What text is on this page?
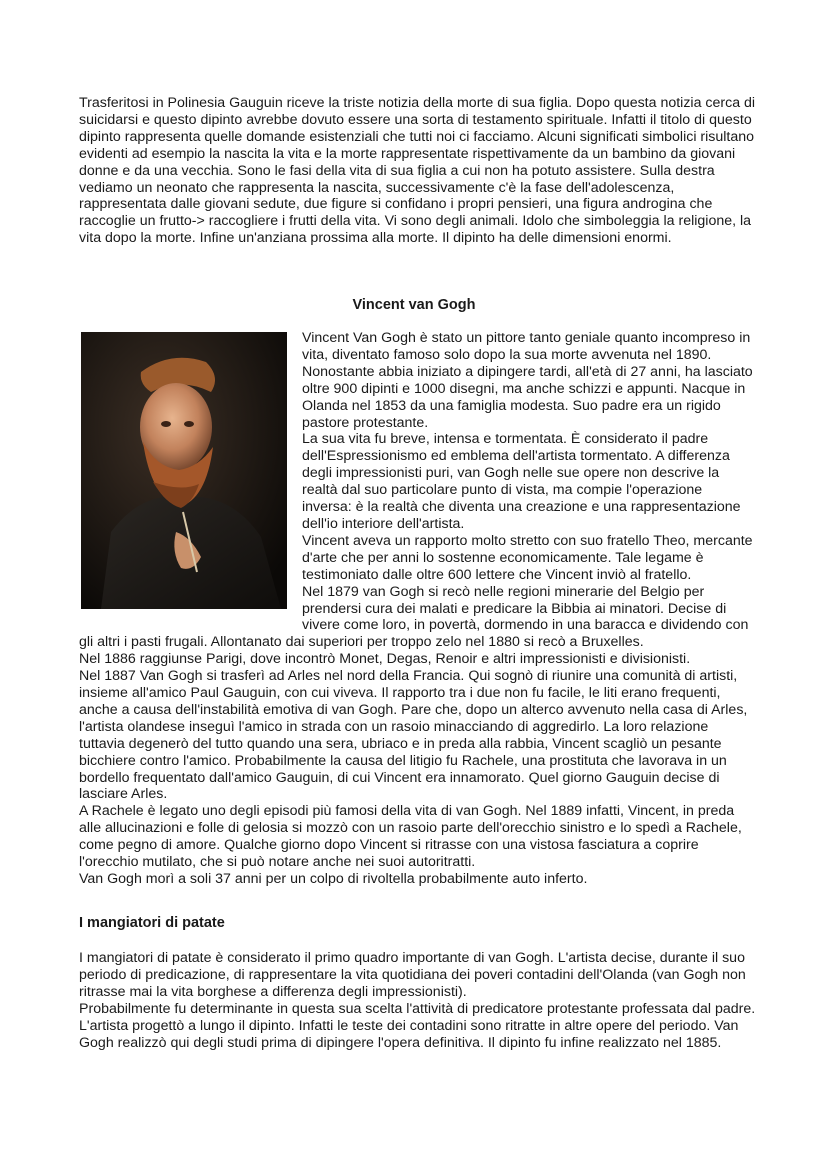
Trasferitosi in Polinesia Gauguin riceve la triste notizia della morte di sua figlia. Dopo questa notizia cerca di suicidarsi e questo dipinto avrebbe dovuto essere una sorta di testamento spirituale. Infatti il titolo di questo dipinto rappresenta quelle domande esistenziali che tutti noi ci facciamo. Alcuni significati simbolici risultano evidenti ad esempio la nascita la vita e la morte rappresentate rispettivamente da un bambino da giovani donne e da una vecchia. Sono le fasi della vita di sua figlia a cui non ha potuto assistere. Sulla destra vediamo un neonato che rappresenta la nascita, successivamente c'è la fase dell'adolescenza, rappresentata dalle giovani sedute, due figure si confidano i propri pensieri, una figura androgina che raccoglie un frutto-> raccogliere i frutti della vita. Vi sono degli animali. Idolo che simboleggia la religione, la vita dopo la morte. Infine un'anziana prossima alla morte. Il dipinto ha delle dimensioni enormi.
Vincent van Gogh

Vincent Van Gogh è stato un pittore tanto geniale quanto incompreso in vita, diventato famoso solo dopo la sua morte avvenuta nel 1890. Nonostante abbia iniziato a dipingere tardi, all'età di 27 anni, ha lasciato oltre 900 dipinti e 1000 disegni, ma anche schizzi e appunti. Nacque in Olanda nel 1853 da una famiglia modesta. Suo padre era un rigido pastore protestante.

La sua vita fu breve, intensa e tormentata. È considerato il padre dell'Espressionismo ed emblema dell'artista tormentato. A differenza degli impressionisti puri, van Gogh nelle sue opere non descrive la realtà dal suo particolare punto di vista, ma compie l'operazione inversa: è la realtà che diventa una creazione e una rappresentazione dell'io interiore dell'artista.

Vincent aveva un rapporto molto stretto con suo fratello Theo, mercante d'arte che per anni lo sostenne economicamente. Tale legame è testimoniato dalle oltre 600 lettere che Vincent inviò al fratello.

Nel 1879 van Gogh si recò nelle regioni minerarie del Belgio per prendersi cura dei malati e predicare la Bibbia ai minatori. Decise di vivere come loro, in povertà, dormendo in una baracca e dividendo con gli altri i pasti frugali. Allontanato dai superiori per troppo zelo nel 1880 si recò a Bruxelles.

Nel 1886 raggiunse Parigi, dove incontrò Monet, Degas, Renoir e altri impressionisti e divisionisti.

Nel 1887 Van Gogh si trasferì ad Arles nel nord della Francia. Qui sognò di riunire una comunità di artisti, insieme all'amico Paul Gauguin, con cui viveva. Il rapporto tra i due non fu facile, le liti erano frequenti, anche a causa dell'instabilità emotiva di van Gogh. Pare che, dopo un alterco avvenuto nella casa di Arles, l'artista olandese inseguì l'amico in strada con un rasoio minacciando di aggredirlo. La loro relazione tuttavia degenerò del tutto quando una sera, ubriaco e in preda alla rabbia, Vincent scagliò un pesante bicchiere contro l'amico. Probabilmente la causa del litigio fu Rachele, una prostituta che lavorava in un bordello frequentato dall'amico Gauguin, di cui Vincent era innamorato. Quel giorno Gauguin decise di lasciare Arles.

A Rachele è legato uno degli episodi più famosi della vita di van Gogh. Nel 1889 infatti, Vincent, in preda alle allucinazioni e folle di gelosia si mozzò con un rasoio parte dell'orecchio sinistro e lo spedì a Rachele, come pegno di amore. Qualche giorno dopo Vincent si ritrasse con una vistosa fasciatura a coprire l'orecchio mutilato, che si può notare anche nei suoi autoritratti.

Van Gogh morì a soli 37 anni per un colpo di rivoltella probabilmente auto inferto.

I mangiatori di patate

I mangiatori di patate è considerato il primo quadro importante di van Gogh. L'artista decise, durante il suo periodo di predicazione, di rappresentare la vita quotidiana dei poveri contadini dell'Olanda (van Gogh non ritrasse mai la vita borghese a differenza degli impressionisti).

Probabilmente fu determinante in questa sua scelta l'attività di predicatore protestante professata dal padre.

L'artista progettò a lungo il dipinto. Infatti le teste dei contadini sono ritratte in altre opere del periodo. Van Gogh realizzò qui degli studi prima di dipingere l'opera definitiva. Il dipinto fu infine realizzato nel 1885.
